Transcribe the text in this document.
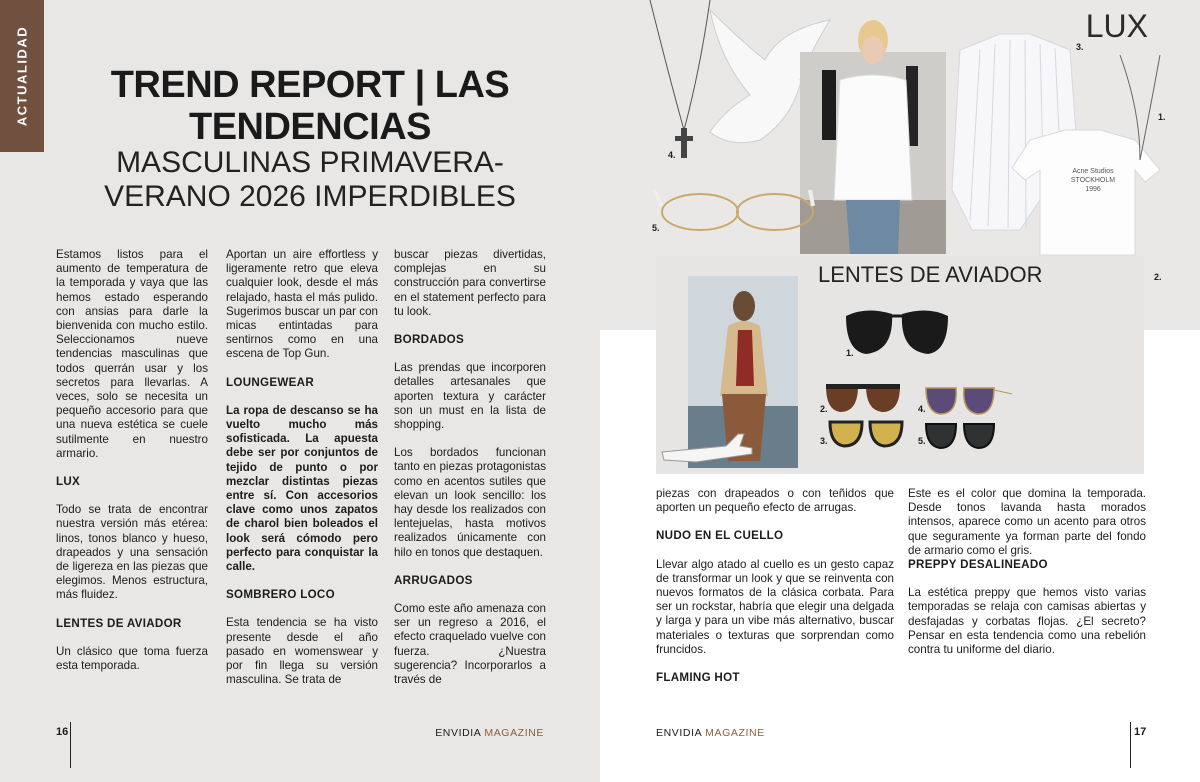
ACTUALIDAD	TREND REPORT | LAS
TENDENCIAS
MASCULINAS PRIMAVERA-
VERANO 2026 IMPERDIBLES

Estamos listos para el aumento de temperatura de la temporada y vaya que las hemos estado esperando con ansias para darle la bienvenida con mucho estilo. Seleccionamos nueve tendencias masculinas que todos querrán usar y los secretos para llevarlas. A veces, solo se necesita un pequeño accesorio para que una nueva estética se cuele sutilmente en nuestro armario.

LUX

Todo se trata de encontrar nuestra versión más etérea: linos, tonos blanco y hueso, drapeados y una sensación de ligereza en las piezas que elegimos. Menos estructura, más fluidez.

LENTES DE AVIADOR

Un clásico que toma fuerza esta temporada.

Aportan un aire effortless y ligeramente retro que eleva cualquier look, desde el más relajado, hasta el más pulido. Sugerimos buscar un par con micas entintadas para sentirnos como en una escena de Top Gun.

LOUNGEWEAR

La ropa de descanso se ha vuelto mucho más sofisticada. La apuesta debe ser por conjuntos de tejido de punto o por mezclar distintas piezas entre sí. Con accesorios clave como unos zapatos de charol bien boleados el look será cómodo pero perfecto para conquistar la calle.

SOMBRERO LOCO

Esta tendencia se ha visto presente desde el año pasado en womenswear y por fin llega su versión masculina. Se trata de

buscar piezas divertidas, complejas en su construcción para convertirse en el statement perfecto para tu look.

BORDADOS

Las prendas que incorporen detalles artesanales que aporten textura y carácter son un must en la lista de shopping.

Los bordados funcionan tanto en piezas protagonistas como en acentos sutiles que elevan un look sencillo: los hay desde los realizados con lentejuelas, hasta motivos realizados únicamente con hilo en tonos que destaquen.

ARRUGADOS

Como este año amenaza con ser un regreso a 2016, el efecto craquelado vuelve con fuerza. ¿Nuestra sugerencia? Incorporarlos a través de

16	ENVIDIA MAGAZINE
LUX
3.
1.
4.
5.
2.
Acne Studios
STOCKHOLM
1996
LENTES DE AVIADOR
1.
2.
3.
4.
5.

piezas con drapeados o con teñidos que aporten un pequeño efecto de arrugas.

NUDO EN EL CUELLO

Llevar algo atado al cuello es un gesto capaz de transformar un look y que se reinventa con nuevos formatos de la clásica corbata. Para ser un rockstar, habría que elegir una delgada y larga y para un vibe más alternativo, buscar materiales o texturas que sorprendan como fruncidos.

FLAMING HOT

Este es el color que domina la temporada. Desde tonos lavanda hasta morados intensos, aparece como un acento para otros que seguramente ya forman parte del fondo de armario como el gris.

PREPPY DESALINEADO

La estética preppy que hemos visto varias temporadas se relaja con camisas abiertas y desfajadas y corbatas flojas. ¿El secreto? Pensar en esta tendencia como una rebelión contra tu uniforme del diario.

ENVIDIA MAGAZINE	17
